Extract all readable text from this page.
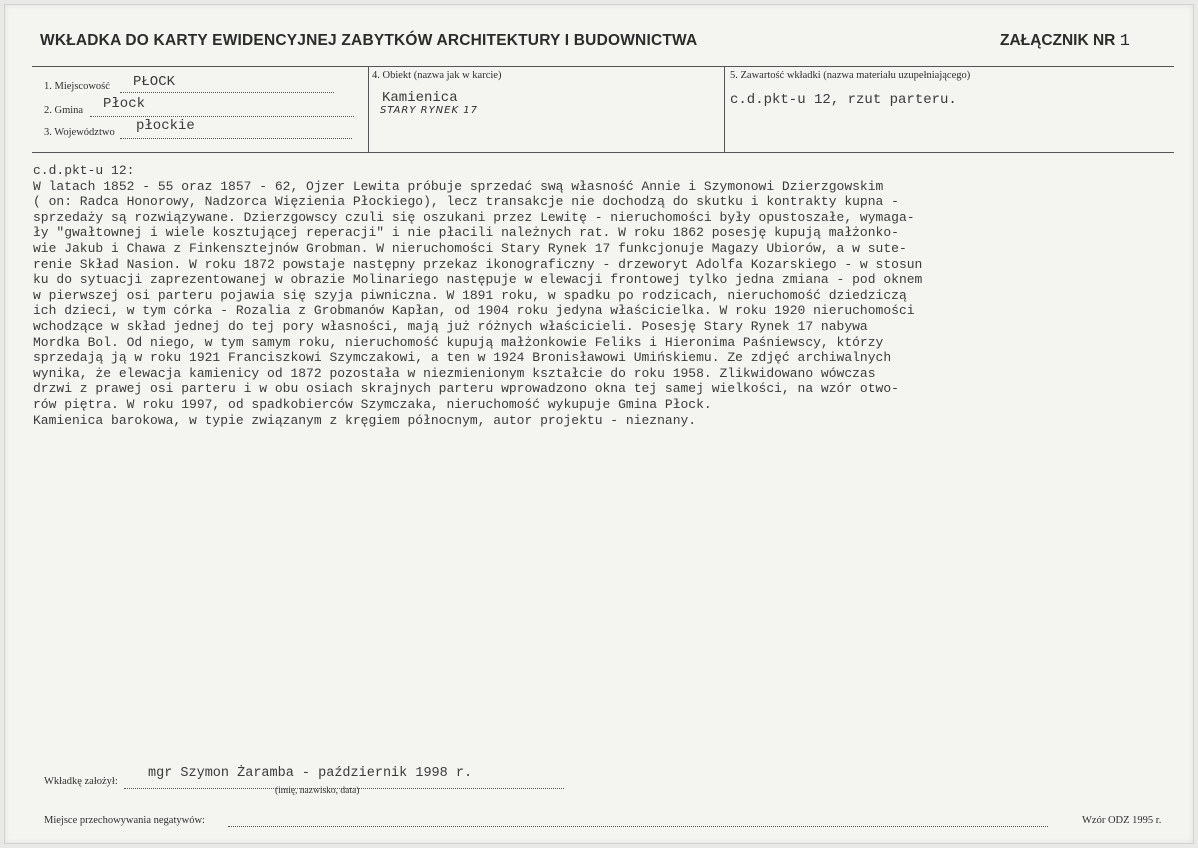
WKŁADKA DO KARTY EWIDENCYJNEJ ZABYTKÓW ARCHITEKTURY I BUDOWNICTWA	ZAŁĄCZNIK NR 1
1. Miejscowość PŁOCK
2. Gmina Płock
3. Województwo płockie
4. Obiekt (nazwa jak w karcie)
Kamienica
STARY RYNEK 17
5. Zawartość wkładki (nazwa materiału uzupełniającego)
c.d.pkt-u 12, rzut parteru.
c.d.pkt-u 12:
W latach 1852 - 55 oraz 1857 - 62, Ojzer Lewita próbuje sprzedać swą własność Annie i Szymonowi Dzierzgowskim
( on: Radca Honorowy, Nadzorca Więzienia Płockiego), lecz transakcje nie dochodzą do skutku i kontrakty kupna -
sprzedaży są rozwiązywane. Dzierzgowscy czuli się oszukani przez Lewitę - nieruchomości były opustoszałe, wymaga-
ły "gwałtownej i wiele kosztującej reperacji" i nie płacili należnych rat. W roku 1862 posesję kupują małżonko-
wie Jakub i Chawa z Finkensztejnów Grobman. W nieruchomości Stary Rynek 17 funkcjonuje Magazy Ubiorów, a w sute-
renie Skład Nasion. W roku 1872 powstaje następny przekaz ikonograficzny - drzeworyt Adolfa Kozarskiego - w stosun
ku do sytuacji zaprezentowanej w obrazie Molinariego następuje w elewacji frontowej tylko jedna zmiana - pod oknem
w pierwszej osi parteru pojawia się szyja piwniczna. W 1891 roku, w spadku po rodzicach, nieruchomość dziedziczą
ich dzieci, w tym córka - Rozalia z Grobmanów Kapłan, od 1904 roku jedyna właścicielka. W roku 1920 nieruchomości
wchodzące w skład jednej do tej pory własności, mają już różnych właścicieli. Posesję Stary Rynek 17 nabywa
Mordka Bol. Od niego, w tym samym roku, nieruchomość kupują małżonkowie Feliks i Hieronima Paśniewscy, którzy
sprzedają ją w roku 1921 Franciszkowi Szymczakowi, a ten w 1924 Bronisławowi Umińskiemu. Ze zdjęć archiwalnych
wynika, że elewacja kamienicy od 1872 pozostała w niezmienionym kształcie do roku 1958. Zlikwidowano wówczas
drzwi z prawej osi parteru i w obu osiach skrajnych parteru wprowadzono okna tej samej wielkości, na wzór otwo-
rów piętra. W roku 1997, od spadkobierców Szymczaka, nieruchomość wykupuje Gmina Płock.
Kamienica barokowa, w typie związanym z kręgiem północnym, autor projektu - nieznany.
Wkładkę założył:
mgr Szymon Żaramba - październik 1998 r.
(imię, nazwisko, data)
Miejsce przechowywania negatywów:	Wzór ODZ 1995 r.
